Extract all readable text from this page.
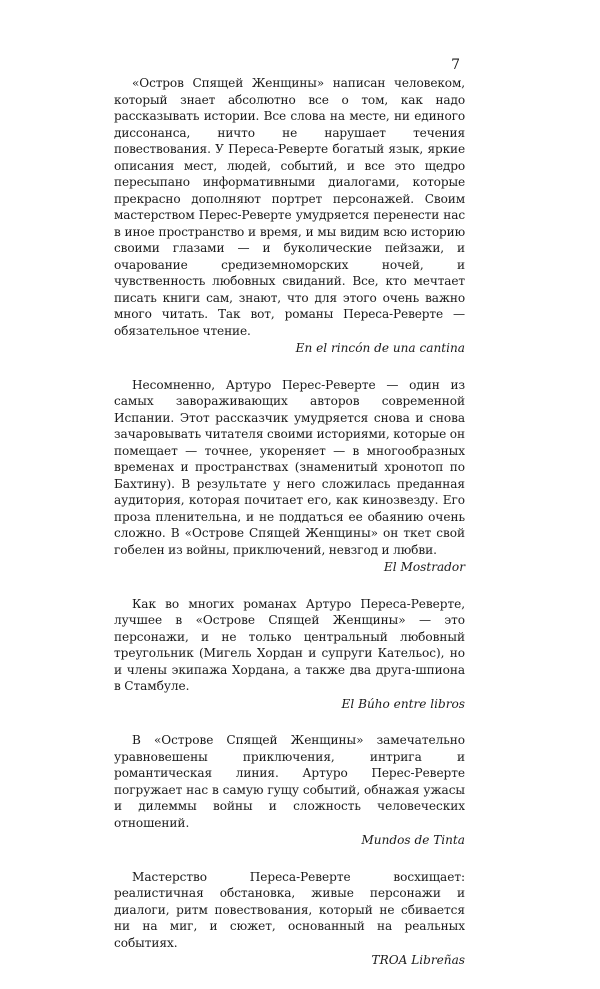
7

«Остров Спящей Женщины» написан человеком, который знает абсолютно все о том, как надо рассказывать истории. Все слова на месте, ни единого диссонанса, ничто не нарушает течения повествования. У Переса-Реверте богатый язык, яркие описания мест, людей, событий, и все это щедро пересыпано информативными диалогами, которые прекрасно дополняют портрет персонажей. Своим мастерством Перес-Реверте умудряется перенести нас в иное пространство и время, и мы видим всю историю своими глазами — и буколические пейзажи, и очарование средиземноморских ночей, и чувственность любовных свиданий. Все, кто мечтает писать книги сам, знают, что для этого очень важно много читать. Так вот, романы Переса-Реверте — обязательное чтение.

En el rincón de una cantina

Несомненно, Артуро Перес-Реверте — один из самых завораживающих авторов современной Испании. Этот рассказчик умудряется снова и снова зачаровывать читателя своими историями, которые он помещает — точнее, укореняет — в многообразных временах и пространствах (знаменитый хронотоп по Бахтину). В результате у него сложилась преданная аудитория, которая почитает его, как кинозвезду. Его проза пленительна, и не поддаться ее обаянию очень сложно. В «Острове Спящей Женщины» он ткет свой гобелен из войны, приключений, невзгод и любви.

El Mostrador

Как во многих романах Артуро Переса-Реверте, лучшее в «Острове Спящей Женщины» — это персонажи, и не только центральный любовный треугольник (Мигель Хордан и супруги Кательос), но и члены экипажа Хордана, а также два друга-шпиона в Стамбуле.

El Búho entre libros

В «Острове Спящей Женщины» замечательно уравновешены приключения, интрига и романтическая линия. Артуро Перес-Реверте погружает нас в самую гущу событий, обнажая ужасы и дилеммы войны и сложность человеческих отношений.

Mundos de Tinta

Мастерство Переса-Реверте восхищает: реалистичная обстановка, живые персонажи и диалоги, ритм повествования, который не сбивается ни на миг, и сюжет, основанный на реальных событиях.

TROA Libreñas
